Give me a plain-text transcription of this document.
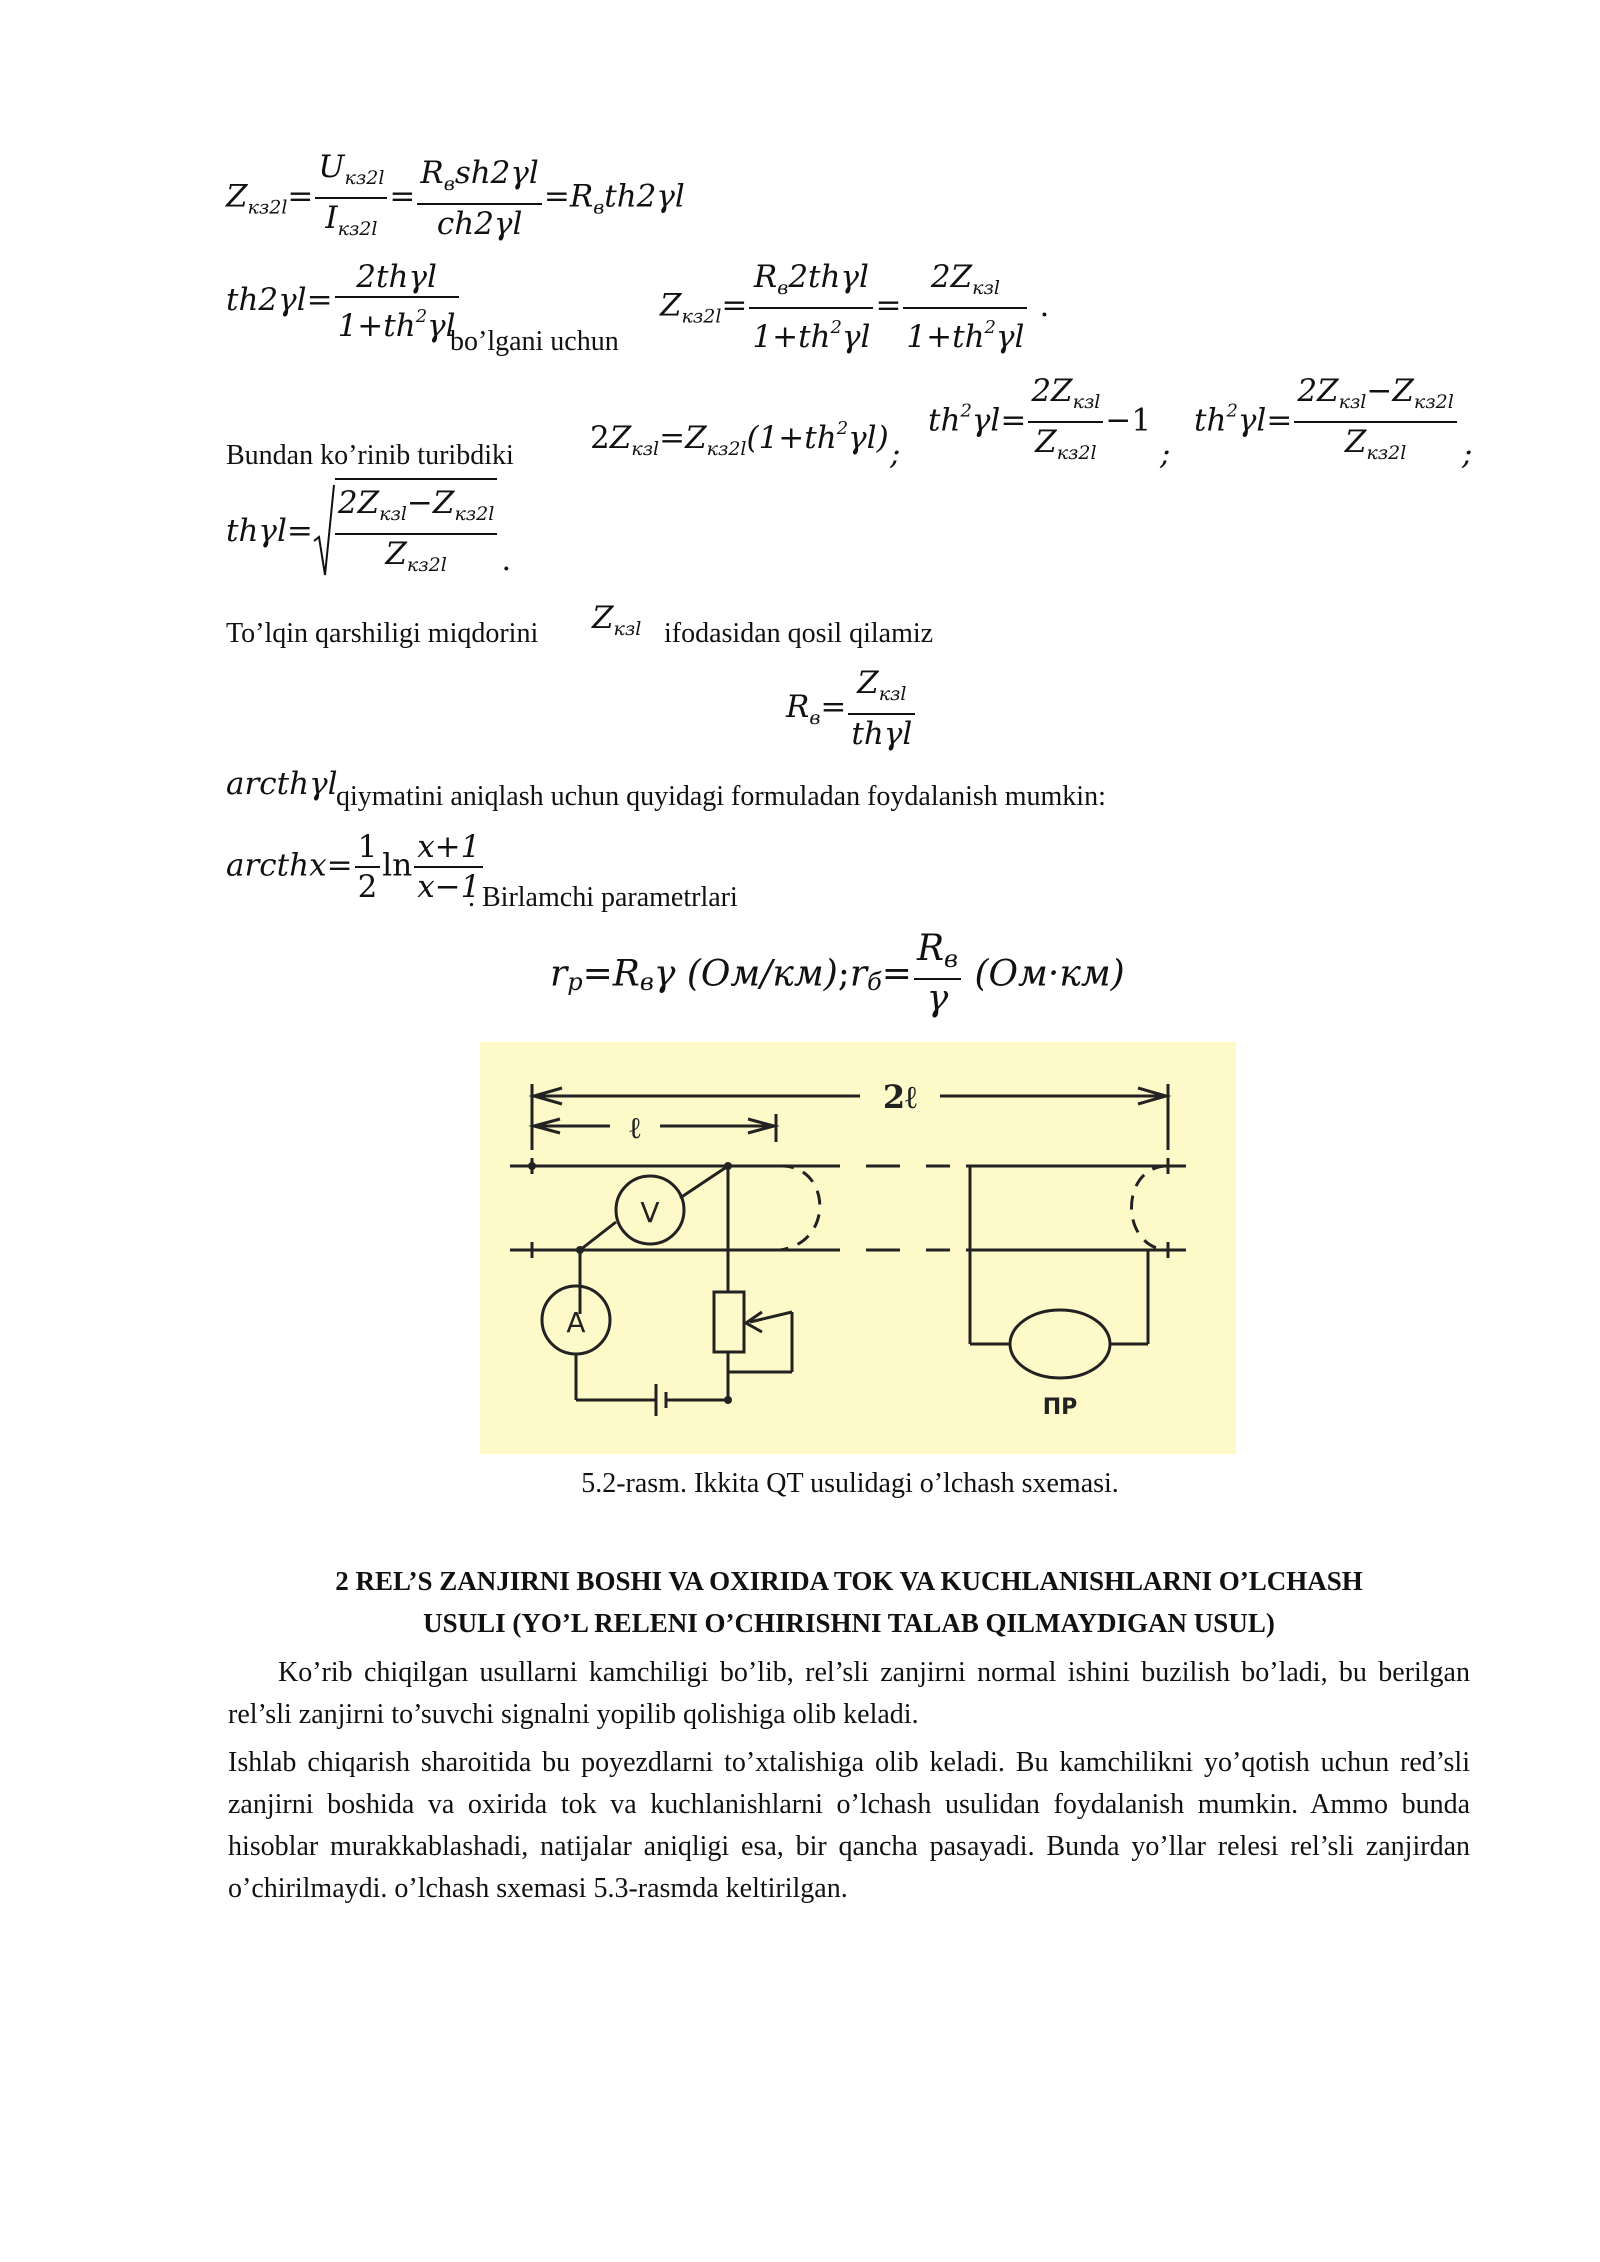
$Z_{кз2l}= \frac{U_{кз2l}}{I_{кз2l}} = \frac{R_вsh2\gamma l}{ch2\gamma l} =R_вth2\gamma l$
$th2\gamma l= \frac{\text{2thγl}}{1+th^2\gamma l}$
bo’lgani uchun
$Z_{кз2l}= \frac{R_в2th\gamma l}{1+th^2\gamma l} = \frac{2Z_{кзl}}{1+th^2\gamma l}$ .
Bundan ko’rinib turibdiki $2Z_{кзl}=Z_{кз2l}(1+th^2\gamma l)$ ;
$th^2\gamma l= \frac{2Z_{кзl}}{Z_{кз2l}} -1$
;
$th^2\gamma l= \frac{2Z_{кзl}-Z_{кз2l}}{Z_{кз2l}}$ ;
$th\gamma l= \frac{2Z_{кзl}-Z_{кз2l}}{Z_{кз2l}}$ .
To’lqin qarshiligi miqdorini $Z_{кзl}$ ifodasidan qosil qilamiz
$R_в= \frac{Z_{кзl}}{\text{thγl}}$
arcthγl
qiymatini aniqlash uchun quyidagi formuladan foydalanish mumkin:
arcthx= $\frac{1}{2}$ $\ln \frac{x+1}{x-1}$
. Birlamchi parametrlari
$r_р=R_в\gamma$ $(Ом/км);r_б= \frac{R_в}{\gamma} (Ом\cdot км)$
2ℓ
ℓ
V
A
ПР
5.2-rasm. Ikkita QT usulidagi o’lchash sxemasi.
2 REL’S ZANJIRNI BOSHI VA OXIRIDA TOK VA KUCHLANISHLARNI O’LCHASH
USULI (YO’L RELENI O’CHIRISHNI TALAB QILMAYDIGAN USUL)
Ko’rib chiqilgan usullarni kamchiligi bo’lib, rel’sli zanjirni normal ishini buzilish bo’ladi, bu berilgan rel’sli zanjirni to’suvchi signalni yopilib qolishiga olib keladi.
Ishlab chiqarish sharoitida bu poyezdlarni to’xtalishiga olib keladi. Bu kamchilikni yo’qotish uchun red’sli zanjirni boshida va oxirida tok va kuchlanishlarni o’lchash usulidan foydalanish mumkin. Ammo bunda hisoblar murakkablashadi, natijalar aniqligi esa, bir qancha pasayadi. Bunda yo’llar relesi rel’sli zanjirdan o’chirilmaydi. o’lchash sxemasi 5.3-rasmda keltirilgan.
